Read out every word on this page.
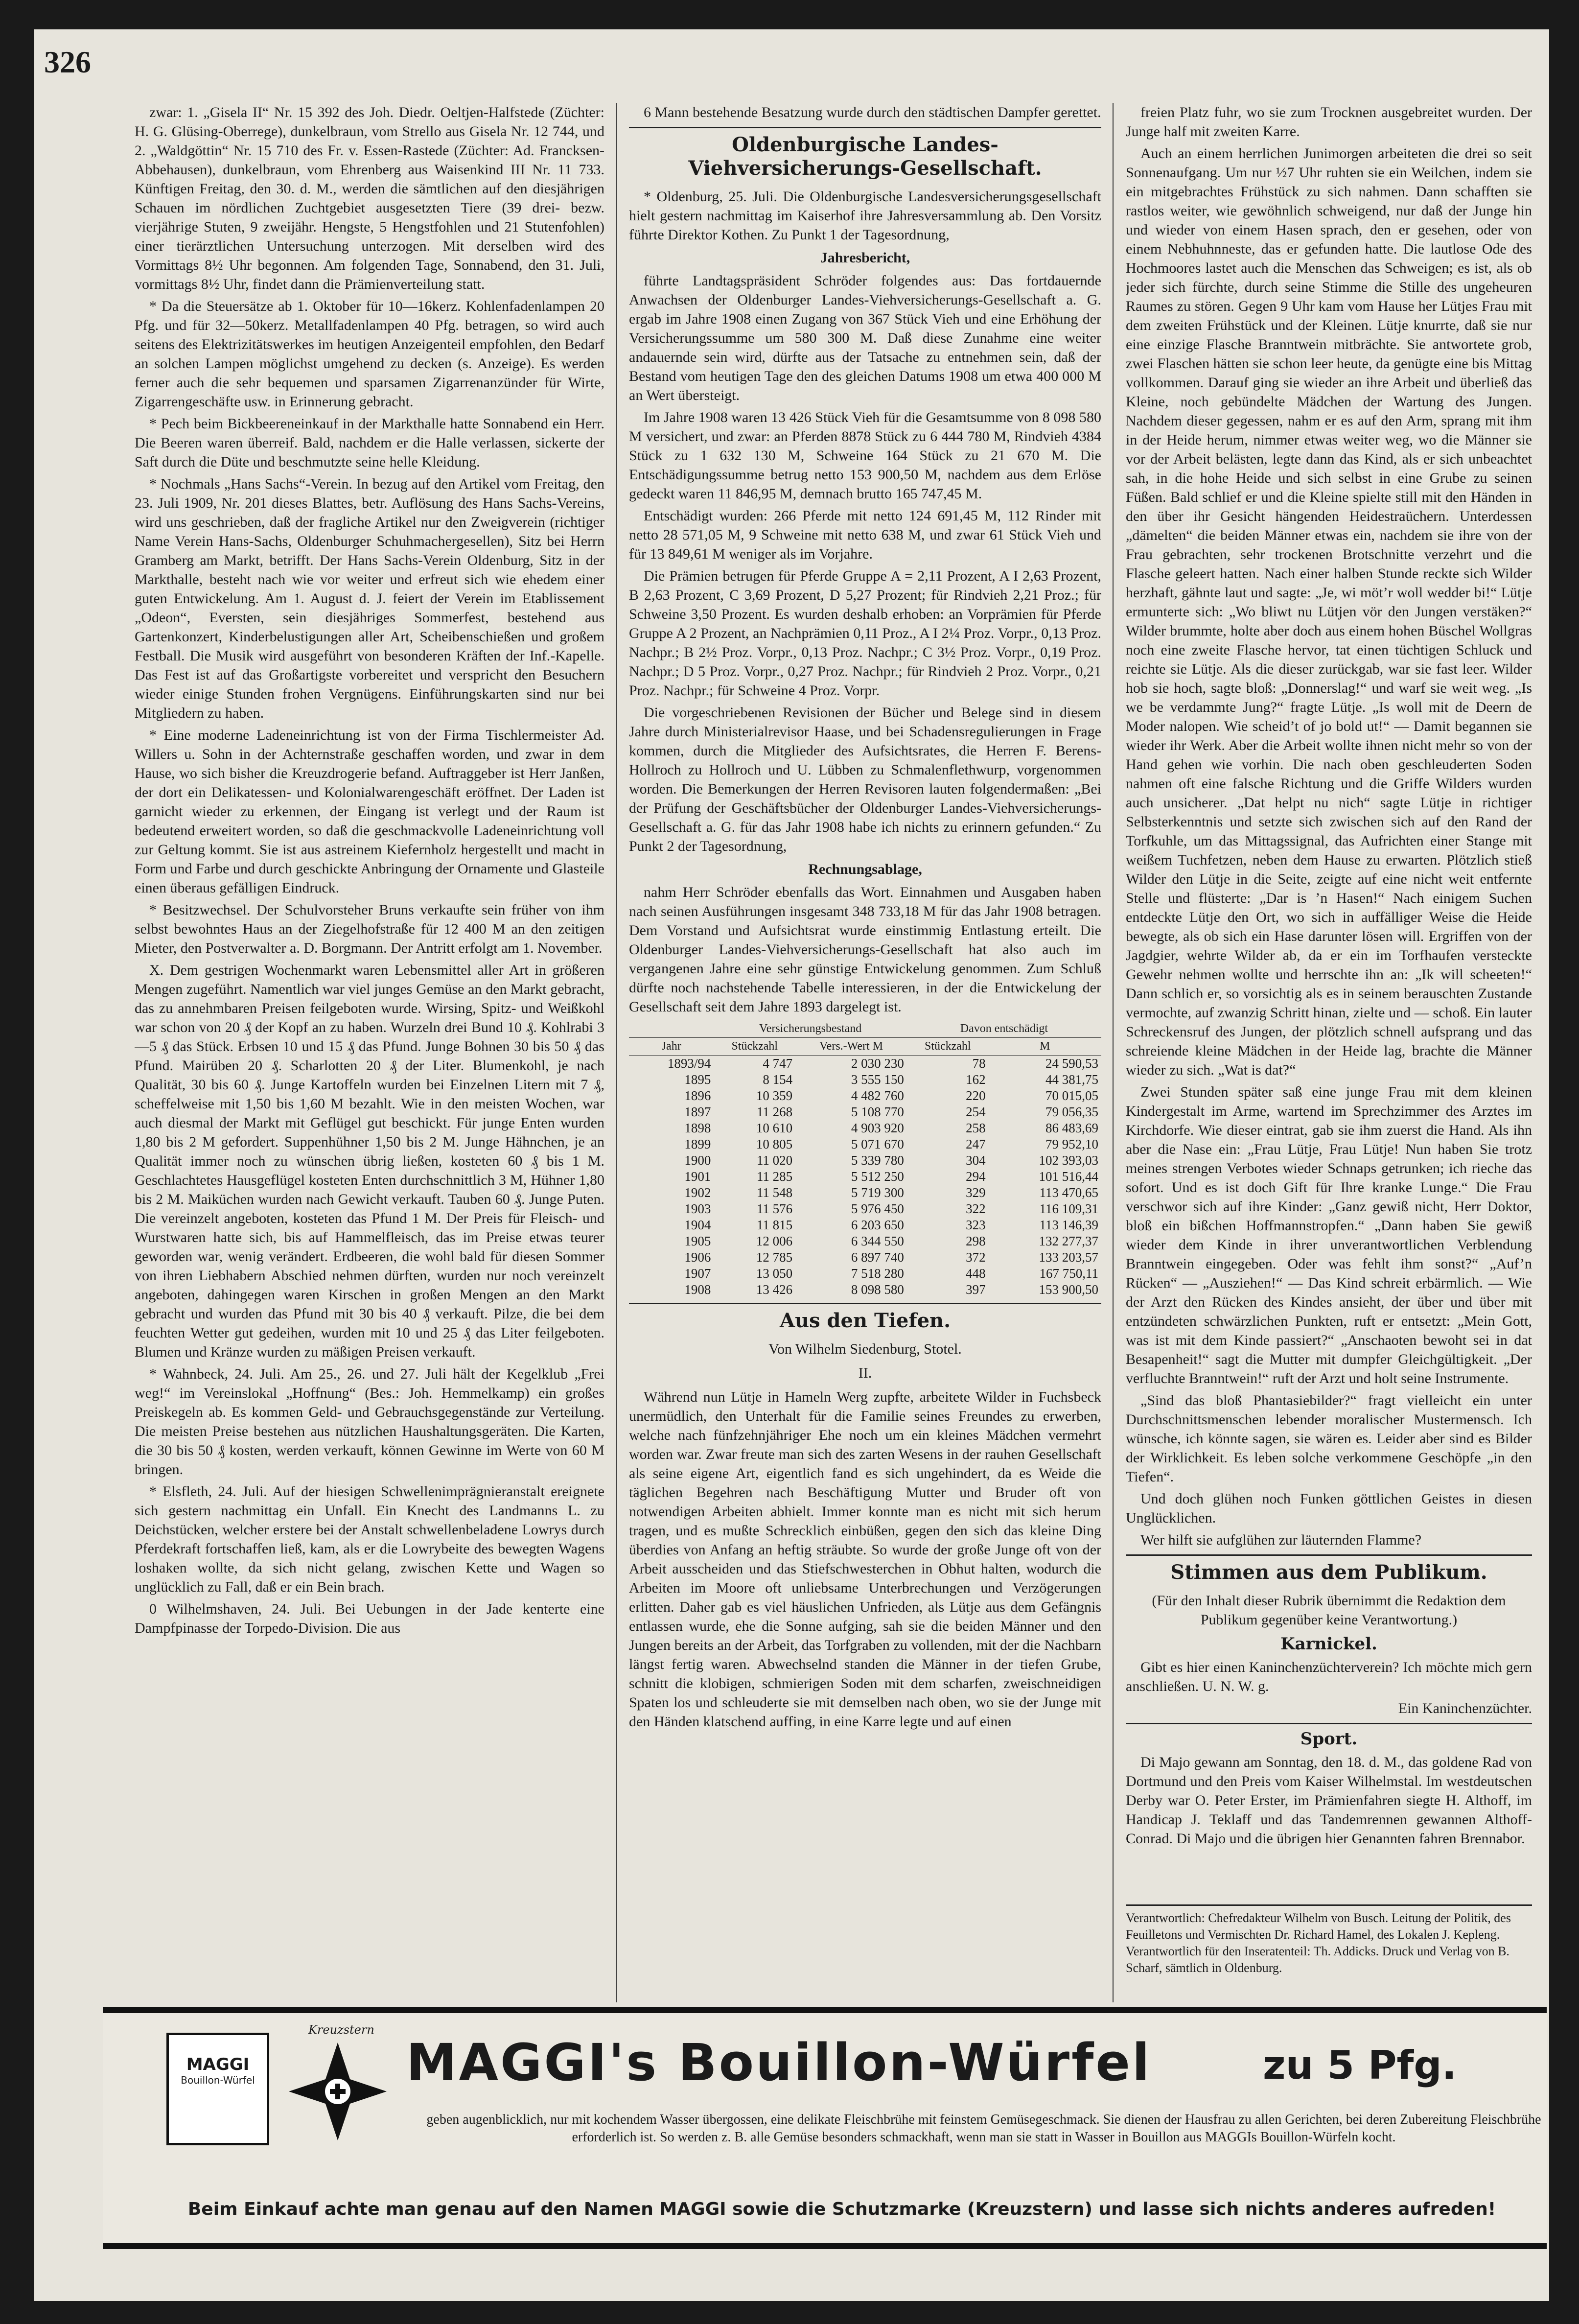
326

zwar: 1. „Gisela II“ Nr. 15 392 des Joh. Diedr. Oeltjen-Halfstede (Züchter: H. G. Glüsing-Oberrege), dunkelbraun, vom Strello aus Gisela Nr. 12 744, und 2. „Waldgöttin“ Nr. 15 710 des Fr. v. Essen-Rastede (Züchter: Ad. Francksen-Abbehausen), dunkelbraun, vom Ehrenberg aus Waisenkind III Nr. 11 733. Künftigen Freitag, den 30. d. M., werden die sämtlichen auf den diesjährigen Schauen im nördlichen Zuchtgebiet ausgesetzten Tiere (39 drei- bezw. vierjährige Stuten, 9 zweijähr. Hengste, 5 Hengstfohlen und 21 Stutenfohlen) einer tierärztlichen Untersuchung unterzogen. Mit derselben wird des Vormittags 8½ Uhr begonnen. Am folgenden Tage, Sonnabend, den 31. Juli, vormittags 8½ Uhr, findet dann die Prämienverteilung statt.

* Da die Steuersätze ab 1. Oktober für 10—16kerz. Kohlenfadenlampen 20 Pfg. und für 32—50kerz. Metallfadenlampen 40 Pfg. betragen, so wird auch seitens des Elektrizitätswerkes im heutigen Anzeigenteil empfohlen, den Bedarf an solchen Lampen möglichst umgehend zu decken (s. Anzeige). Es werden ferner auch die sehr bequemen und sparsamen Zigarrenanzünder für Wirte, Zigarrengeschäfte usw. in Erinnerung gebracht.

* Pech beim Bickbeereneinkauf in der Markthalle hatte Sonnabend ein Herr. Die Beeren waren überreif. Bald, nachdem er die Halle verlassen, sickerte der Saft durch die Düte und beschmutzte seine helle Kleidung.

* Nochmals „Hans Sachs“-Verein. In bezug auf den Artikel vom Freitag, den 23. Juli 1909, Nr. 201 dieses Blattes, betr. Auflösung des Hans Sachs-Vereins, wird uns geschrieben, daß der fragliche Artikel nur den Zweigverein (richtiger Name Verein Hans-Sachs, Oldenburger Schuhmachergesellen), Sitz bei Herrn Gramberg am Markt, betrifft. Der Hans Sachs-Verein Oldenburg, Sitz in der Markthalle, besteht nach wie vor weiter und erfreut sich wie ehedem einer guten Entwickelung. Am 1. August d. J. feiert der Verein im Etablissement „Odeon“, Eversten, sein diesjähriges Sommerfest, bestehend aus Gartenkonzert, Kinderbelustigungen aller Art, Scheibenschießen und großem Festball. Die Musik wird ausgeführt von besonderen Kräften der Inf.-Kapelle. Das Fest ist auf das Großartigste vorbereitet und verspricht den Besuchern wieder einige Stunden frohen Vergnügens. Einführungskarten sind nur bei Mitgliedern zu haben.

* Eine moderne Ladeneinrichtung ist von der Firma Tischlermeister Ad. Willers u. Sohn in der Achternstraße geschaffen worden, und zwar in dem Hause, wo sich bisher die Kreuzdrogerie befand. Auftraggeber ist Herr Janßen, der dort ein Delikatessen- und Kolonialwarengeschäft eröffnet. Der Laden ist garnicht wieder zu erkennen, der Eingang ist verlegt und der Raum ist bedeutend erweitert worden, so daß die geschmackvolle Ladeneinrichtung voll zur Geltung kommt. Sie ist aus astreinem Kiefernholz hergestellt und macht in Form und Farbe und durch geschickte Anbringung der Ornamente und Glasteile einen überaus gefälligen Eindruck.

* Besitzwechsel. Der Schulvorsteher Bruns verkaufte sein früher von ihm selbst bewohntes Haus an der Ziegelhofstraße für 12 400 M an den zeitigen Mieter, den Postverwalter a. D. Borgmann. Der Antritt erfolgt am 1. November.

X. Dem gestrigen Wochenmarkt waren Lebensmittel aller Art in größeren Mengen zugeführt. Namentlich war viel junges Gemüse an den Markt gebracht, das zu annehmbaren Preisen feilgeboten wurde. Wirsing, Spitz- und Weißkohl war schon von 20 ₰ der Kopf an zu haben. Wurzeln drei Bund 10 ₰. Kohlrabi 3—5 ₰ das Stück. Erbsen 10 und 15 ₰ das Pfund. Junge Bohnen 30 bis 50 ₰ das Pfund. Mairüben 20 ₰. Scharlotten 20 ₰ der Liter. Blumenkohl, je nach Qualität, 30 bis 60 ₰. Junge Kartoffeln wurden bei Einzelnen Litern mit 7 ₰, scheffelweise mit 1,50 bis 1,60 M bezahlt. Wie in den meisten Wochen, war auch diesmal der Markt mit Geflügel gut beschickt. Für junge Enten wurden 1,80 bis 2 M gefordert. Suppenhühner 1,50 bis 2 M. Junge Hähnchen, je an Qualität immer noch zu wünschen übrig ließen, kosteten 60 ₰ bis 1 M. Geschlachtetes Hausgeflügel kosteten Enten durchschnittlich 3 M, Hühner 1,80 bis 2 M. Maiküchen wurden nach Gewicht verkauft. Tauben 60 ₰. Junge Puten. Die vereinzelt angeboten, kosteten das Pfund 1 M. Der Preis für Fleisch- und Wurstwaren hatte sich, bis auf Hammelfleisch, das im Preise etwas teurer geworden war, wenig verändert. Erdbeeren, die wohl bald für diesen Sommer von ihren Liebhabern Abschied nehmen dürften, wurden nur noch vereinzelt angeboten, dahingegen waren Kirschen in großen Mengen an den Markt gebracht und wurden das Pfund mit 30 bis 40 ₰ verkauft. Pilze, die bei dem feuchten Wetter gut gedeihen, wurden mit 10 und 25 ₰ das Liter feilgeboten. Blumen und Kränze wurden zu mäßigen Preisen verkauft.

* Wahnbeck, 24. Juli. Am 25., 26. und 27. Juli hält der Kegelklub „Frei weg!“ im Vereinslokal „Hoffnung“ (Bes.: Joh. Hemmelkamp) ein großes Preiskegeln ab. Es kommen Geld- und Gebrauchsgegenstände zur Verteilung. Die meisten Preise bestehen aus nützlichen Haushaltungsgeräten. Die Karten, die 30 bis 50 ₰ kosten, werden verkauft, können Gewinne im Werte von 60 M bringen.

* Elsfleth, 24. Juli. Auf der hiesigen Schwellenimprägnieranstalt ereignete sich gestern nachmittag ein Unfall. Ein Knecht des Landmanns L. zu Deichstücken, welcher erstere bei der Anstalt schwellenbeladene Lowrys durch Pferdekraft fortschaffen ließ, kam, als er die Lowrybeite des bewegten Wagens loshaken wollte, da sich nicht gelang, zwischen Kette und Wagen so unglücklich zu Fall, daß er ein Bein brach.

0 Wilhelmshaven, 24. Juli. Bei Uebungen in der Jade kenterte eine Dampfpinasse der Torpedo-Division. Die aus

6 Mann bestehende Besatzung wurde durch den städtischen Dampfer gerettet.

Oldenburgische Landes-Viehversicherungs-Gesellschaft.

* Oldenburg, 25. Juli. Die Oldenburgische Landesversicherungsgesellschaft hielt gestern nachmittag im Kaiserhof ihre Jahresversammlung ab. Den Vorsitz führte Direktor Kothen. Zu Punkt 1 der Tagesordnung,

Jahresbericht,

führte Landtagspräsident Schröder folgendes aus: Das fortdauernde Anwachsen der Oldenburger Landes-Viehversicherungs-Gesellschaft a. G. ergab im Jahre 1908 einen Zugang von 367 Stück Vieh und eine Erhöhung der Versicherungssumme um 580 300 M. Daß diese Zunahme eine weiter andauernde sein wird, dürfte aus der Tatsache zu entnehmen sein, daß der Bestand vom heutigen Tage den des gleichen Datums 1908 um etwa 400 000 M an Wert übersteigt.

Im Jahre 1908 waren 13 426 Stück Vieh für die Gesamtsumme von 8 098 580 M versichert, und zwar: an Pferden 8878 Stück zu 6 444 780 M, Rindvieh 4384 Stück zu 1 632 130 M, Schweine 164 Stück zu 21 670 M. Die Entschädigungssumme betrug netto 153 900,50 M, nachdem aus dem Erlöse gedeckt waren 11 846,95 M, demnach brutto 165 747,45 M.

Entschädigt wurden: 266 Pferde mit netto 124 691,45 M, 112 Rinder mit netto 28 571,05 M, 9 Schweine mit netto 638 M, und zwar 61 Stück Vieh und für 13 849,61 M weniger als im Vorjahre.

Die Prämien betrugen für Pferde Gruppe A = 2,11 Prozent, A I 2,63 Prozent, B 2,63 Prozent, C 3,69 Prozent, D 5,27 Prozent; für Rindvieh 2,21 Proz.; für Schweine 3,50 Prozent. Es wurden deshalb erhoben: an Vorprämien für Pferde Gruppe A 2 Prozent, an Nachprämien 0,11 Proz., A I 2¼ Proz. Vorpr., 0,13 Proz. Nachpr.; B 2½ Proz. Vorpr., 0,13 Proz. Nachpr.; C 3½ Proz. Vorpr., 0,19 Proz. Nachpr.; D 5 Proz. Vorpr., 0,27 Proz. Nachpr.; für Rindvieh 2 Proz. Vorpr., 0,21 Proz. Nachpr.; für Schweine 4 Proz. Vorpr.

Die vorgeschriebenen Revisionen der Bücher und Belege sind in diesem Jahre durch Ministerialrevisor Haase, und bei Schadensregulierungen in Frage kommen, durch die Mitglieder des Aufsichtsrates, die Herren F. Berens-Hollroch zu Hollroch und U. Lübben zu Schmalenflethwurp, vorgenommen worden. Die Bemerkungen der Herren Revisoren lauten folgendermaßen: „Bei der Prüfung der Geschäftsbücher der Oldenburger Landes-Viehversicherungs-Gesellschaft a. G. für das Jahr 1908 habe ich nichts zu erinnern gefunden.“ Zu Punkt 2 der Tagesordnung,

Rechnungsablage,

nahm Herr Schröder ebenfalls das Wort. Einnahmen und Ausgaben haben nach seinen Ausführungen insgesamt 348 733,18 M für das Jahr 1908 betragen. Dem Vorstand und Aufsichtsrat wurde einstimmig Entlastung erteilt. Die Oldenburger Landes-Viehversicherungs-Gesellschaft hat also auch im vergangenen Jahre eine sehr günstige Entwickelung genommen. Zum Schluß dürfte noch nachstehende Tabelle interessieren, in der die Entwickelung der Gesellschaft seit dem Jahre 1893 dargelegt ist.

	Versicherungsbestand		Davon entschädigt	
Jahr	Stückzahl	Vers.-Wert M	Stückzahl	M
1893/94	4 747	2 030 230	78	24 590,53
1895	8 154	3 555 150	162	44 381,75
1896	10 359	4 482 760	220	70 015,05
1897	11 268	5 108 770	254	79 056,35
1898	10 610	4 903 920	258	86 483,69
1899	10 805	5 071 670	247	79 952,10
1900	11 020	5 339 780	304	102 393,03
1901	11 285	5 512 250	294	101 516,44
1902	11 548	5 719 300	329	113 470,65
1903	11 576	5 976 450	322	116 109,31
1904	11 815	6 203 650	323	113 146,39
1905	12 006	6 344 550	298	132 277,37
1906	12 785	6 897 740	372	133 203,57
1907	13 050	7 518 280	448	167 750,11
1908	13 426	8 098 580	397	153 900,50
Aus den Tiefen.

Von Wilhelm Siedenburg, Stotel.

II.

Während nun Lütje in Hameln Werg zupfte, arbeitete Wilder in Fuchsbeck unermüdlich, den Unterhalt für die Familie seines Freundes zu erwerben, welche nach fünfzehnjähriger Ehe noch um ein kleines Mädchen vermehrt worden war. Zwar freute man sich des zarten Wesens in der rauhen Gesellschaft als seine eigene Art, eigentlich fand es sich ungehindert, da es Weide die täglichen Begehren nach Beschäftigung Mutter und Bruder oft von notwendigen Arbeiten abhielt. Immer konnte man es nicht mit sich herum tragen, und es mußte Schrecklich einbüßen, gegen den sich das kleine Ding überdies von Anfang an heftig sträubte. So wurde der große Junge oft von der Arbeit ausscheiden und das Stiefschwesterchen in Obhut halten, wodurch die Arbeiten im Moore oft unliebsame Unterbrechungen und Verzögerungen erlitten. Daher gab es viel häuslichen Unfrieden, als Lütje aus dem Gefängnis entlassen wurde, ehe die Sonne aufging, sah sie die beiden Männer und den Jungen bereits an der Arbeit, das Torfgraben zu vollenden, mit der die Nachbarn längst fertig waren. Abwechselnd standen die Männer in der tiefen Grube, schnitt die klobigen, schmierigen Soden mit dem scharfen, zweischneidigen Spaten los und schleuderte sie mit demselben nach oben, wo sie der Junge mit den Händen klatschend auffing, in eine Karre legte und auf einen

freien Platz fuhr, wo sie zum Trocknen ausgebreitet wurden. Der Junge half mit zweiten Karre.

Auch an einem herrlichen Junimorgen arbeiteten die drei so seit Sonnenaufgang. Um nur ½7 Uhr ruhten sie ein Weilchen, indem sie ein mitgebrachtes Frühstück zu sich nahmen. Dann schafften sie rastlos weiter, wie gewöhnlich schweigend, nur daß der Junge hin und wieder von einem Hasen sprach, den er gesehen, oder von einem Nebhuhnneste, das er gefunden hatte. Die lautlose Ode des Hochmoores lastet auch die Menschen das Schweigen; es ist, als ob jeder sich fürchte, durch seine Stimme die Stille des ungeheuren Raumes zu stören. Gegen 9 Uhr kam vom Hause her Lütjes Frau mit dem zweiten Frühstück und der Kleinen. Lütje knurrte, daß sie nur eine einzige Flasche Branntwein mitbrächte. Sie antwortete grob, zwei Flaschen hätten sie schon leer heute, da genügte eine bis Mittag vollkommen. Darauf ging sie wieder an ihre Arbeit und überließ das Kleine, noch gebündelte Mädchen der Wartung des Jungen. Nachdem dieser gegessen, nahm er es auf den Arm, sprang mit ihm in der Heide herum, nimmer etwas weiter weg, wo die Männer sie vor der Arbeit belästen, legte dann das Kind, als er sich unbeachtet sah, in die hohe Heide und sich selbst in eine Grube zu seinen Füßen. Bald schlief er und die Kleine spielte still mit den Händen in den über ihr Gesicht hängenden Heidestraüchern. Unterdessen „dämelten“ die beiden Männer etwas ein, nachdem sie ihre von der Frau gebrachten, sehr trockenen Brotschnitte verzehrt und die Flasche geleert hatten. Nach einer halben Stunde reckte sich Wilder herzhaft, gähnte laut und sagte: „Je, wi möt’r woll wedder bi!“ Lütje ermunterte sich: „Wo bliwt nu Lütjen vör den Jungen verstäken?“ Wilder brummte, holte aber doch aus einem hohen Büschel Wollgras noch eine zweite Flasche hervor, tat einen tüchtigen Schluck und reichte sie Lütje. Als die dieser zurückgab, war sie fast leer. Wilder hob sie hoch, sagte bloß: „Donnerslag!“ und warf sie weit weg. „Is we be verdammte Jung?“ fragte Lütje. „Is woll mit de Deern de Moder nalopen. Wie scheid’t of jo bold ut!“ — Damit begannen sie wieder ihr Werk. Aber die Arbeit wollte ihnen nicht mehr so von der Hand gehen wie vorhin. Die nach oben geschleuderten Soden nahmen oft eine falsche Richtung und die Griffe Wilders wurden auch unsicherer. „Dat helpt nu nich“ sagte Lütje in richtiger Selbsterkenntnis und setzte sich zwischen sich auf den Rand der Torfkuhle, um das Mittagssignal, das Aufrichten einer Stange mit weißem Tuchfetzen, neben dem Hause zu erwarten. Plötzlich stieß Wilder den Lütje in die Seite, zeigte auf eine nicht weit entfernte Stelle und flüsterte: „Dar is ’n Hasen!“ Nach einigem Suchen entdeckte Lütje den Ort, wo sich in auffälliger Weise die Heide bewegte, als ob sich ein Hase darunter lösen will. Ergriffen von der Jagdgier, wehrte Wilder ab, da er ein im Torfhaufen versteckte Gewehr nehmen wollte und herrschte ihn an: „Ik will scheeten!“ Dann schlich er, so vorsichtig als es in seinem berauschten Zustande vermochte, auf zwanzig Schritt hinan, zielte und — schoß. Ein lauter Schreckensruf des Jungen, der plötzlich schnell aufsprang und das schreiende kleine Mädchen in der Heide lag, brachte die Männer wieder zu sich. „Wat is dat?“

Zwei Stunden später saß eine junge Frau mit dem kleinen Kindergestalt im Arme, wartend im Sprechzimmer des Arztes im Kirchdorfe. Wie dieser eintrat, gab sie ihm zuerst die Hand. Als ihn aber die Nase ein: „Frau Lütje, Frau Lütje! Nun haben Sie trotz meines strengen Verbotes wieder Schnaps getrunken; ich rieche das sofort. Und es ist doch Gift für Ihre kranke Lunge.“ Die Frau verschwor sich auf ihre Kinder: „Ganz gewiß nicht, Herr Doktor, bloß ein bißchen Hoffmannstropfen.“ „Dann haben Sie gewiß wieder dem Kinde in ihrer unverantwortlichen Verblendung Branntwein eingegeben. Oder was fehlt ihm sonst?“ „Auf’n Rücken“ — „Ausziehen!“ — Das Kind schreit erbärmlich. — Wie der Arzt den Rücken des Kindes ansieht, der über und über mit entzündeten schwärzlichen Punkten, ruft er entsetzt: „Mein Gott, was ist mit dem Kinde passiert?“ „Anschaoten bewoht sei in dat Besapenheit!“ sagt die Mutter mit dumpfer Gleichgültigkeit. „Der verfluchte Branntwein!“ ruft der Arzt und holt seine Instrumente.

„Sind das bloß Phantasiebilder?“ fragt vielleicht ein unter Durchschnittsmenschen lebender moralischer Mustermensch. Ich wünsche, ich könnte sagen, sie wären es. Leider aber sind es Bilder der Wirklichkeit. Es leben solche verkommene Geschöpfe „in den Tiefen“.

Und doch glühen noch Funken göttlichen Geistes in diesen Unglücklichen.

Wer hilft sie aufglühen zur läuternden Flamme?

Stimmen aus dem Publikum.

(Für den Inhalt dieser Rubrik übernimmt die Redaktion dem Publikum gegenüber keine Verantwortung.)

Karnickel.

Gibt es hier einen Kaninchenzüchterverein? Ich möchte mich gern anschließen. U. N. W. g.

Ein Kaninchenzüchter.

Sport.

Di Majo gewann am Sonntag, den 18. d. M., das goldene Rad von Dortmund und den Preis vom Kaiser Wilhelmstal. Im westdeutschen Derby war O. Peter Erster, im Prämienfahren siegte H. Althoff, im Handicap J. Teklaff und das Tandemrennen gewannen Althoff-Conrad. Di Majo und die übrigen hier Genannten fahren Brennabor.

Verantwortlich: Chefredakteur Wilhelm von Busch. Leitung der Politik, des Feuilletons und Vermischten Dr. Richard Hamel, des Lokalen J. Kepleng. Verantwortlich für den Inseratenteil: Th. Addicks. Druck und Verlag von B. Scharf, sämtlich in Oldenburg.
MAGGI
Bouillon-Würfel
Kreuzstern
MAGGI's Bouillon-Würfel	zu 5 Pfg.
geben augenblicklich, nur mit kochendem Wasser übergossen, eine delikate Fleischbrühe mit feinstem Gemüsegeschmack. Sie dienen der Hausfrau zu allen Gerichten, bei deren Zubereitung Fleischbrühe erforderlich ist. So werden z. B. alle Gemüse besonders schmackhaft, wenn man sie statt in Wasser in Bouillon aus MAGGIs Bouillon-Würfeln kocht.
Beim Einkauf achte man genau auf den Namen MAGGI sowie die Schutzmarke (Kreuzstern) und lasse sich nichts anderes aufreden!
